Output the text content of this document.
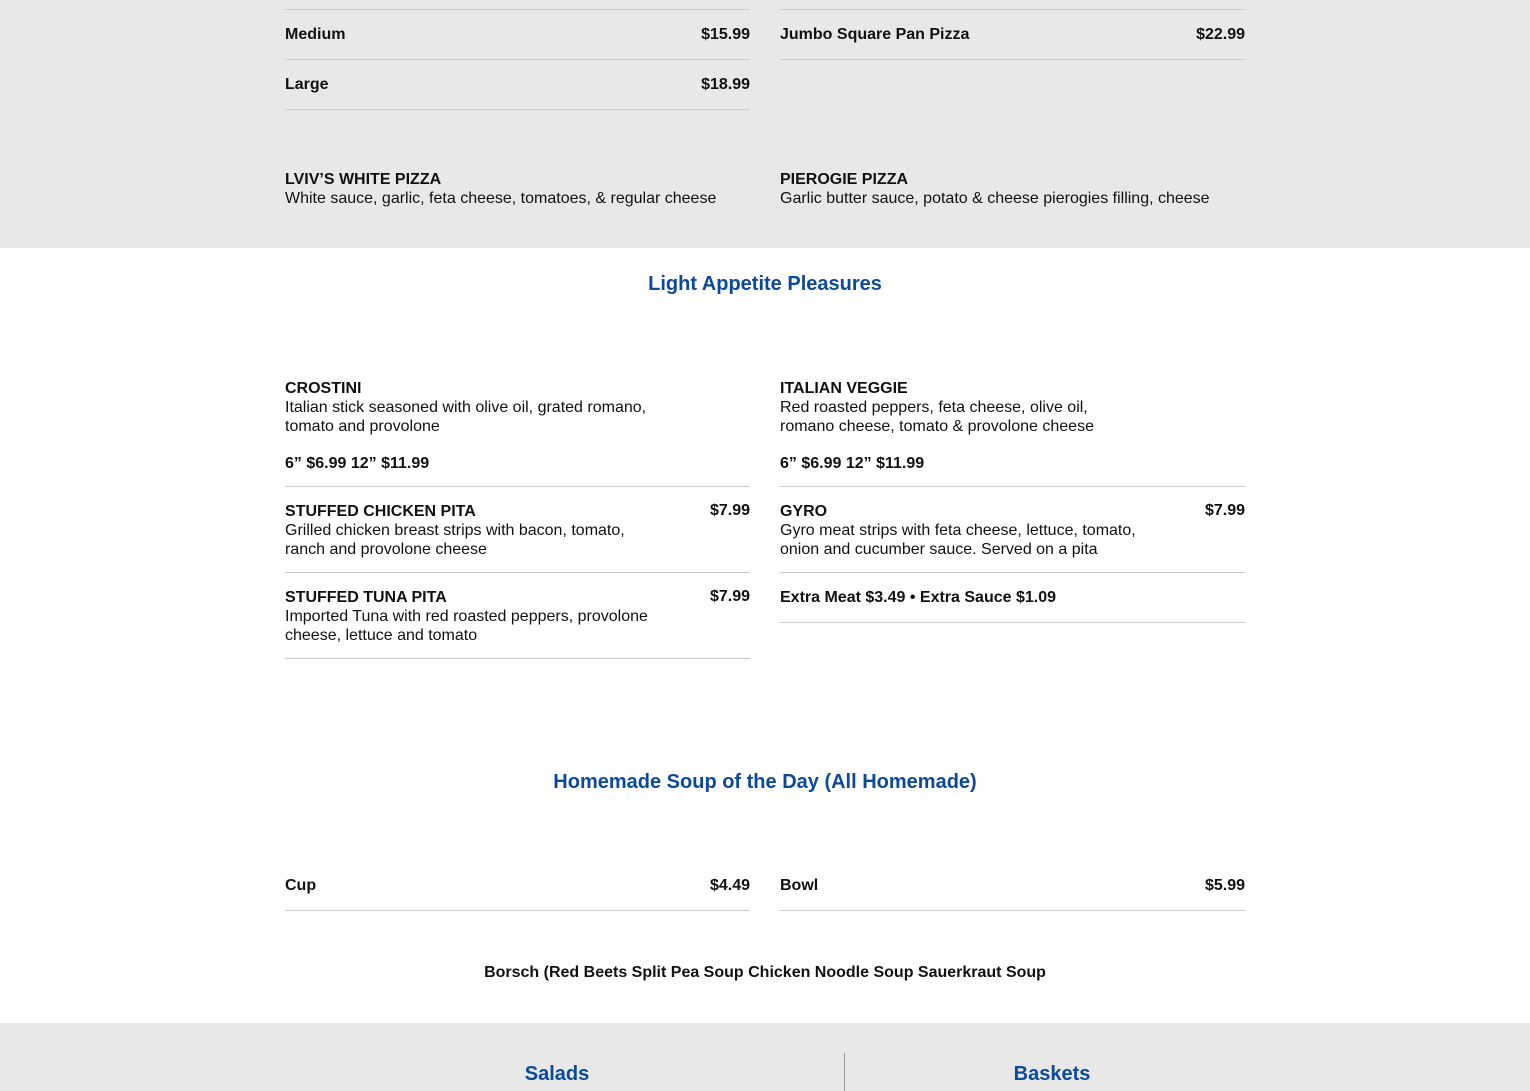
Medium	$15.99
Large	$18.99
Jumbo Square Pan Pizza	$22.99
LVIV’S WHITE PIZZA
White sauce, garlic, feta cheese, tomatoes, & regular cheese
PIEROGIE PIZZA
Garlic butter sauce, potato & cheese pierogies filling, cheese
Light Appetite Pleasures
CROSTINI
Italian stick seasoned with olive oil, grated romano, tomato and provolone
6” $6.99 12” $11.99
STUFFED CHICKEN PITA
Grilled chicken breast strips with bacon, tomato, ranch and provolone cheese
$7.99
STUFFED TUNA PITA
Imported Tuna with red roasted peppers, provolone cheese, lettuce and tomato
$7.99
ITALIAN VEGGIE
Red roasted peppers, feta cheese, olive oil, romano cheese, tomato & provolone cheese
6” $6.99 12” $11.99
GYRO
Gyro meat strips with feta cheese, lettuce, tomato, onion and cucumber sauce. Served on a pita
$7.99
Extra Meat $3.49 • Extra Sauce $1.09
Homemade Soup of the Day (All Homemade)
Cup	$4.49 Bowl	$5.99
Borsch (Red Beets Split Pea Soup Chicken Noodle Soup Sauerkraut Soup
Salads	Baskets
